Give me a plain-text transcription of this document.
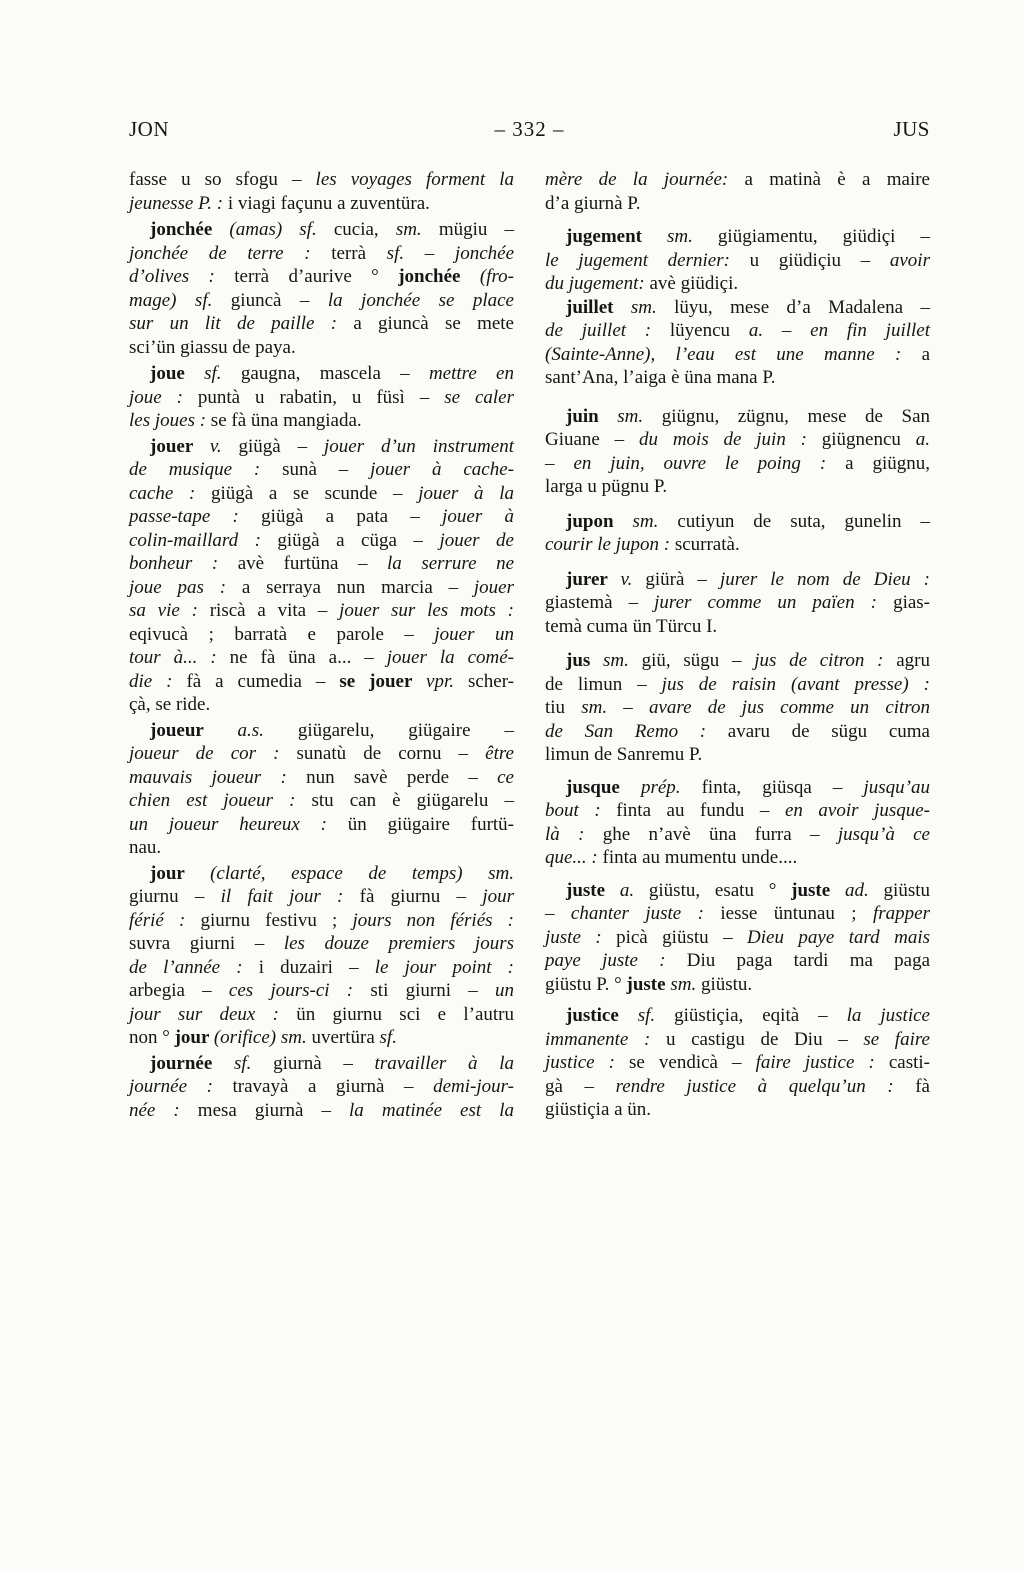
JON	– 332 –	JUS
fasse u so sfogu – les voyages forment la
jeunesse P. : i viagi façunu a zuventüra.
jonchée (amas) sf. cucia, sm. mügiu –
jonchée de terre : terrà sf. – jonchée
d’olives : terrà d’aurive ° jonchée (fro-
mage) sf. giuncà – la jonchée se place
sur un lit de paille : a giuncà se mete
sci’ün giassu de paya.
joue sf. gaugna, mascela – mettre en
joue : puntà u rabatin, u füsì – se caler
les joues : se fà üna mangiada.
jouer v. giügà – jouer d’un instrument
de musique : sunà – jouer à cache-
cache : giügà a se scunde – jouer à la
passe-tape : giügà a pata – jouer à
colin-maillard : giügà a cüga – jouer de
bonheur : avè furtüna – la serrure ne
joue pas : a serraya nun marcia – jouer
sa vie : riscà a vita – jouer sur les mots :
eqivucà ; barratà e parole – jouer un
tour à... : ne fà üna a... – jouer la comé-
die : fà a cumedia – se jouer vpr. scher-
çà, se ride.
joueur a.s. giügarelu, giügaire –
joueur de cor : sunatù de cornu – être
mauvais joueur : nun savè perde – ce
chien est joueur : stu can è giügarelu –
un joueur heureux : ün giügaire furtü-
nau.
jour (clarté, espace de temps) sm.
giurnu – il fait jour : fà giurnu – jour
férié : giurnu festivu ; jours non fériés :
suvra giurni – les douze premiers jours
de l’année : i duzairi – le jour point :
arbegia – ces jours-ci : sti giurni – un
jour sur deux : ün giurnu sci e l’autru
non ° jour (orifice) sm. uvertüra sf.
journée sf. giurnà – travailler à la
journée : travayà a giurnà – demi-jour-
née : mesa giurnà – la matinée est la
mère de la journée: a matinà è a maire
d’a giurnà P.
jugement sm. giügiamentu, giüdiçi –
le jugement dernier: u giüdiçiu – avoir
du jugement: avè giüdiçi.
juillet sm. lüyu, mese d’a Madalena –
de juillet : lüyencu a. – en fin juillet
(Sainte-Anne), l’eau est une manne : a
sant’Ana, l’aiga è üna mana P.
juin sm. giügnu, zügnu, mese de San
Giuane – du mois de juin : giügnencu a.
– en juin, ouvre le poing : a giügnu,
larga u pügnu P.
jupon sm. cutiyun de suta, gunelin –
courir le jupon : scurratà.
jurer v. giürà – jurer le nom de Dieu :
giastemà – jurer comme un païen : gias-
temà cuma ün Türcu I.
jus sm. giü, sügu – jus de citron : agru
de limun – jus de raisin (avant presse) :
tiu sm. – avare de jus comme un citron
de San Remo : avaru de sügu cuma
limun de Sanremu P.
jusque prép. finta, giüsqa – jusqu’au
bout : finta au fundu – en avoir jusque-
là : ghe n’avè üna furra – jusqu’à ce
que... : finta au mumentu unde....
juste a. giüstu, esatu ° juste ad. giüstu
– chanter juste : iesse üntunau ; frapper
juste : picà giüstu – Dieu paye tard mais
paye juste : Diu paga tardi ma paga
giüstu P. ° juste sm. giüstu.
justice sf. giüstiçia, eqità – la justice
immanente : u castigu de Diu – se faire
justice : se vendicà – faire justice : casti-
gà – rendre justice à quelqu’un : fà
giüstiçia a ün.
